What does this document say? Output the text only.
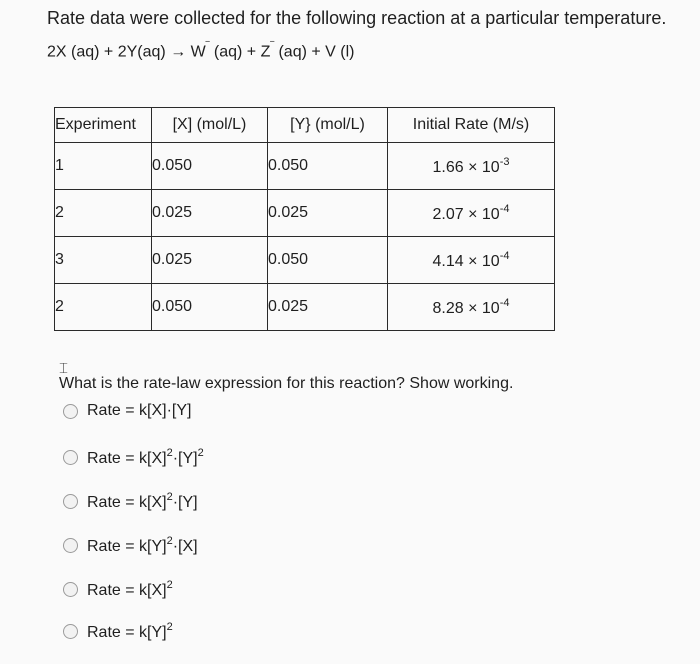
Rate data were collected for the following reaction at a particular temperature.
2X (aq) + 2Y(aq) → W‾ (aq) + Z‾ (aq) + V (l)
Experiment	[X] (mol/L)	[Y} (mol/L)	Initial Rate (M/s)
1	0.050	0.050	$1.66 \times 10^{-3}$
2	0.025	0.025	$2.07 \times 10^{-4}$
3	0.025	0.050	$4.14 \times 10^{-4}$
2	0.050	0.025	$8.28 \times 10^{-4}$
⌶
What is the rate-law expression for this reaction? Show working.
Rate = k[X]·[Y]
Rate = $k[X]^2\cdot[Y]^2$
Rate = $k[X]^2\cdot[Y]$
Rate = $k[Y]^2\cdot[X]$
Rate = $k[X]^2$
Rate = $k[Y]^2$
